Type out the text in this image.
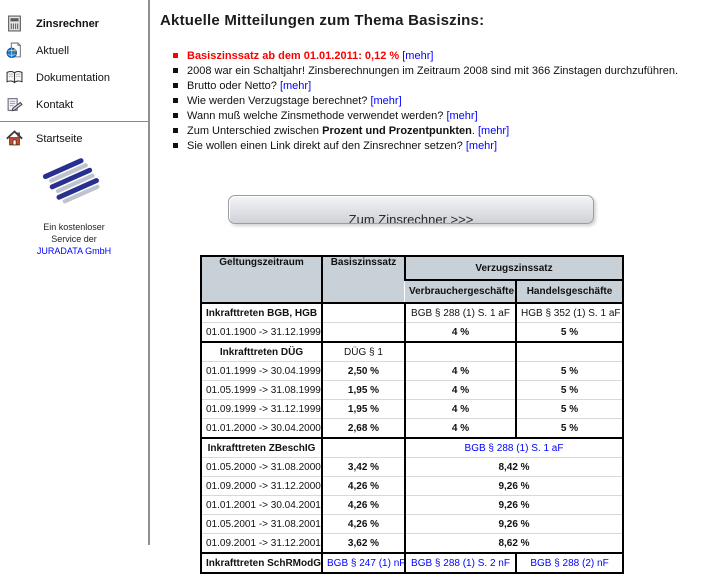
Zinsrechner
Aktuell
Dokumentation
Kontakt
Startseite
Ein kostenloser
Service der
JURADATA GmbH
Aktuelle Mitteilungen zum Thema Basiszins:
Basiszinssatz ab dem 01.01.2011: 0,12 % [mehr]
2008 war ein Schaltjahr! Zinsberechnungen im Zeitraum 2008 sind mit 366 Zinstagen durchzuführen.
Brutto oder Netto? [mehr]
Wie werden Verzugstage berechnet? [mehr]
Wann muß welche Zinsmethode verwendet werden? [mehr]
Zum Unterschied zwischen Prozent und Prozentpunkten. [mehr]
Sie wollen einen Link direkt auf den Zinsrechner setzen? [mehr]
Zum Zinsrechner >>>
Geltungszeitraum	Basiszinssatz	Verzugszinssatz	
		Verbrauchergeschäfte	Handelsgeschäfte
Inkrafttreten BGB, HGB		BGB § 288 (1) S. 1 aF	HGB § 352 (1) S. 1 aF
01.01.1900 -> 31.12.1999		4 %	5 %
Inkrafttreten DÜG	DÜG § 1		
01.01.1999 -> 30.04.1999	2,50 %	4 %	5 %
01.05.1999 -> 31.08.1999	1,95 %	4 %	5 %
01.09.1999 -> 31.12.1999	1,95 %	4 %	5 %
01.01.2000 -> 30.04.2000	2,68 %	4 %	5 %
Inkrafttreten ZBeschIG		BGB § 288 (1) S. 1 aF	
01.05.2000 -> 31.08.2000	3,42 %	8,42 %	
01.09.2000 -> 31.12.2000	4,26 %	9,26 %	
01.01.2001 -> 30.04.2001	4,26 %	9,26 %	
01.05.2001 -> 31.08.2001	4,26 %	9,26 %	
01.09.2001 -> 31.12.2001	3,62 %	8,62 %	
Inkrafttreten SchRModG	BGB § 247 (1) nF	BGB § 288 (1) S. 2 nF	BGB § 288 (2) nF
